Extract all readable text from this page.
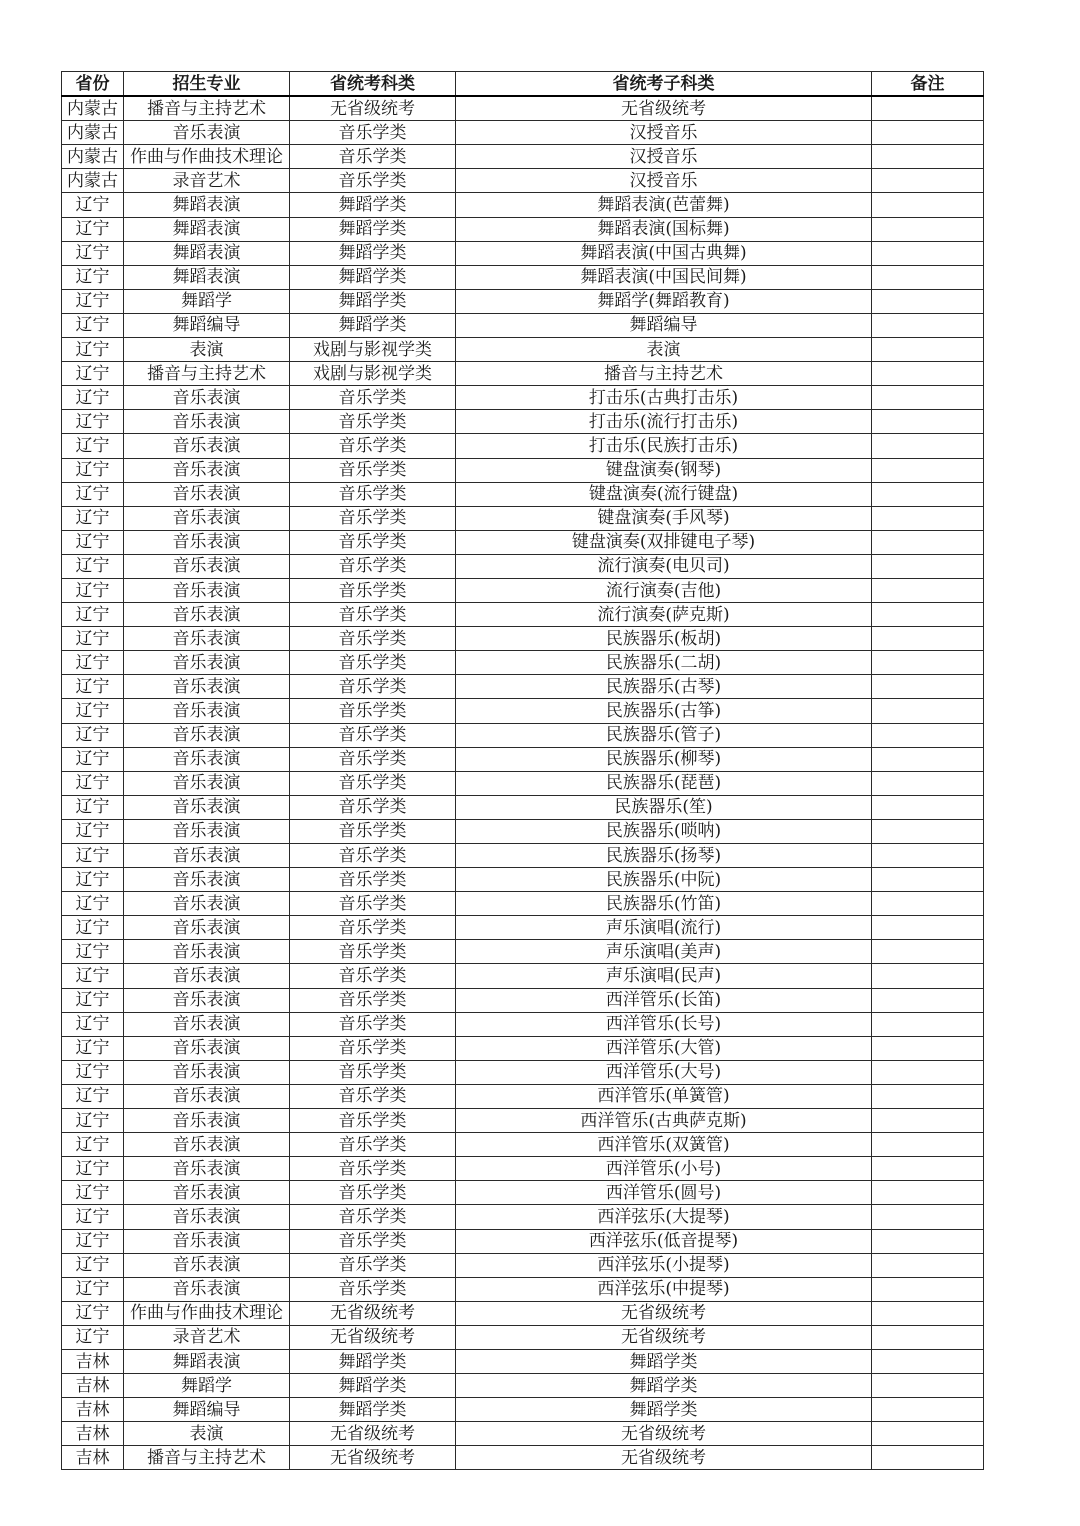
省份	招生专业	省统考科类	省统考子科类	备注
内蒙古	播音与主持艺术	无省级统考	无省级统考	
内蒙古	音乐表演	音乐学类	汉授音乐	
内蒙古	作曲与作曲技术理论	音乐学类	汉授音乐	
内蒙古	录音艺术	音乐学类	汉授音乐	
辽宁	舞蹈表演	舞蹈学类	舞蹈表演(芭蕾舞)	
辽宁	舞蹈表演	舞蹈学类	舞蹈表演(国标舞)	
辽宁	舞蹈表演	舞蹈学类	舞蹈表演(中国古典舞)	
辽宁	舞蹈表演	舞蹈学类	舞蹈表演(中国民间舞)	
辽宁	舞蹈学	舞蹈学类	舞蹈学(舞蹈教育)	
辽宁	舞蹈编导	舞蹈学类	舞蹈编导	
辽宁	表演	戏剧与影视学类	表演	
辽宁	播音与主持艺术	戏剧与影视学类	播音与主持艺术	
辽宁	音乐表演	音乐学类	打击乐(古典打击乐)	
辽宁	音乐表演	音乐学类	打击乐(流行打击乐)	
辽宁	音乐表演	音乐学类	打击乐(民族打击乐)	
辽宁	音乐表演	音乐学类	键盘演奏(钢琴)	
辽宁	音乐表演	音乐学类	键盘演奏(流行键盘)	
辽宁	音乐表演	音乐学类	键盘演奏(手风琴)	
辽宁	音乐表演	音乐学类	键盘演奏(双排键电子琴)	
辽宁	音乐表演	音乐学类	流行演奏(电贝司)	
辽宁	音乐表演	音乐学类	流行演奏(吉他)	
辽宁	音乐表演	音乐学类	流行演奏(萨克斯)	
辽宁	音乐表演	音乐学类	民族器乐(板胡)	
辽宁	音乐表演	音乐学类	民族器乐(二胡)	
辽宁	音乐表演	音乐学类	民族器乐(古琴)	
辽宁	音乐表演	音乐学类	民族器乐(古筝)	
辽宁	音乐表演	音乐学类	民族器乐(管子)	
辽宁	音乐表演	音乐学类	民族器乐(柳琴)	
辽宁	音乐表演	音乐学类	民族器乐(琵琶)	
辽宁	音乐表演	音乐学类	民族器乐(笙)	
辽宁	音乐表演	音乐学类	民族器乐(唢呐)	
辽宁	音乐表演	音乐学类	民族器乐(扬琴)	
辽宁	音乐表演	音乐学类	民族器乐(中阮)	
辽宁	音乐表演	音乐学类	民族器乐(竹笛)	
辽宁	音乐表演	音乐学类	声乐演唱(流行)	
辽宁	音乐表演	音乐学类	声乐演唱(美声)	
辽宁	音乐表演	音乐学类	声乐演唱(民声)	
辽宁	音乐表演	音乐学类	西洋管乐(长笛)	
辽宁	音乐表演	音乐学类	西洋管乐(长号)	
辽宁	音乐表演	音乐学类	西洋管乐(大管)	
辽宁	音乐表演	音乐学类	西洋管乐(大号)	
辽宁	音乐表演	音乐学类	西洋管乐(单簧管)	
辽宁	音乐表演	音乐学类	西洋管乐(古典萨克斯)	
辽宁	音乐表演	音乐学类	西洋管乐(双簧管)	
辽宁	音乐表演	音乐学类	西洋管乐(小号)	
辽宁	音乐表演	音乐学类	西洋管乐(圆号)	
辽宁	音乐表演	音乐学类	西洋弦乐(大提琴)	
辽宁	音乐表演	音乐学类	西洋弦乐(低音提琴)	
辽宁	音乐表演	音乐学类	西洋弦乐(小提琴)	
辽宁	音乐表演	音乐学类	西洋弦乐(中提琴)	
辽宁	作曲与作曲技术理论	无省级统考	无省级统考	
辽宁	录音艺术	无省级统考	无省级统考	
吉林	舞蹈表演	舞蹈学类	舞蹈学类	
吉林	舞蹈学	舞蹈学类	舞蹈学类	
吉林	舞蹈编导	舞蹈学类	舞蹈学类	
吉林	表演	无省级统考	无省级统考	
吉林	播音与主持艺术	无省级统考	无省级统考	
